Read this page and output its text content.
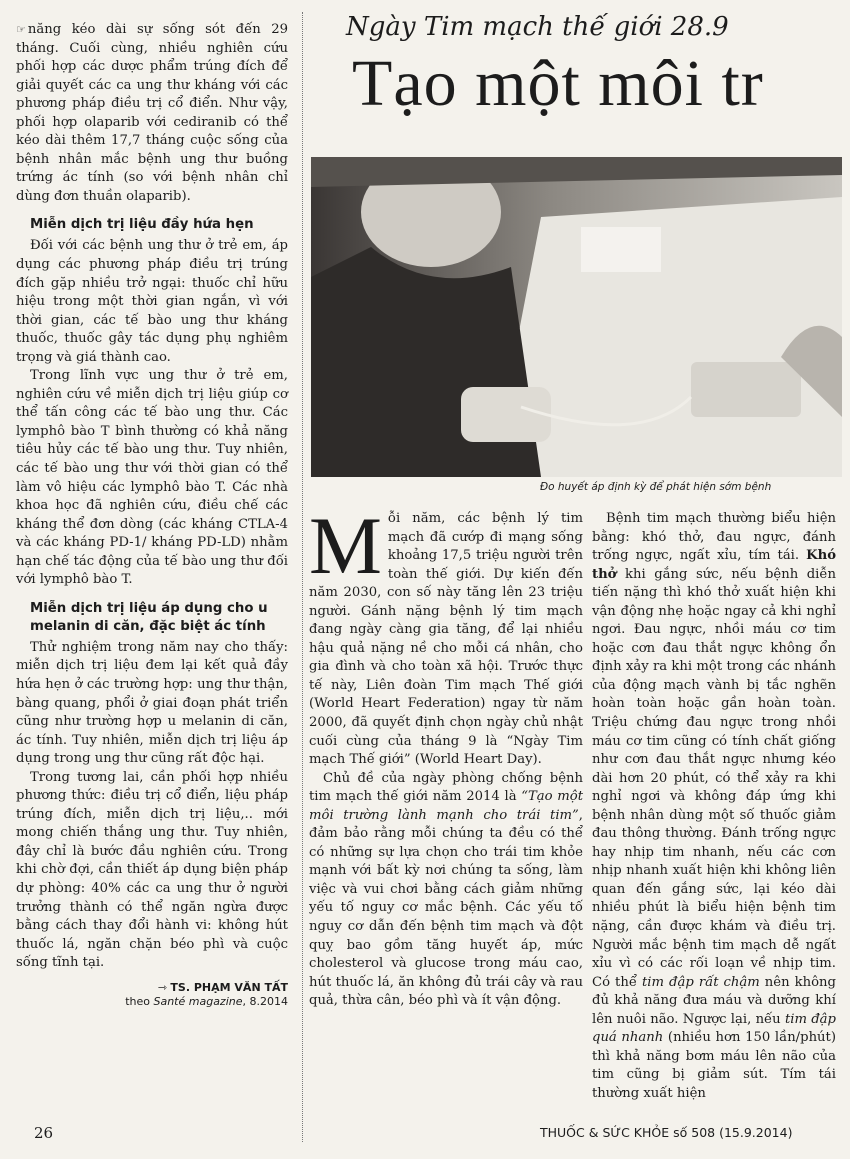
☞ năng kéo dài sự sống sót đến 29 tháng. Cuối cùng, nhiều nghiên cứu phối hợp các dược phẩm trúng đích để giải quyết các ca ung thư kháng với các phương pháp điều trị cổ điển. Như vậy, phối hợp olaparib với cediranib có thể kéo dài thêm 17,7 tháng cuộc sống của bệnh nhân mắc bệnh ung thư buồng trứng ác tính (so với bệnh nhân chỉ dùng đơn thuần olaparib).

Miễn dịch trị liệu đầy hứa hẹn

Đối với các bệnh ung thư ở trẻ em, áp dụng các phương pháp điều trị trúng đích gặp nhiều trở ngại: thuốc chỉ hữu hiệu trong một thời gian ngắn, vì với thời gian, các tế bào ung thư kháng thuốc, thuốc gây tác dụng phụ nghiêm trọng và giá thành cao.

Trong lĩnh vực ung thư ở trẻ em, nghiên cứu về miễn dịch trị liệu giúp cơ thể tấn công các tế bào ung thư. Các lymphô bào T bình thường có khả năng tiêu hủy các tế bào ung thư. Tuy nhiên, các tế bào ung thư với thời gian có thể làm vô hiệu các lymphô bào T. Các nhà khoa học đã nghiên cứu, điều chế các kháng thể đơn dòng (các kháng CTLA-4 và các kháng PD-1/ kháng PD-LD) nhằm hạn chế tác động của tế bào ung thư đối với lymphô bào T.

Miễn dịch trị liệu áp dụng cho u melanin di căn, đặc biệt ác tính

Thử nghiệm trong năm nay cho thấy: miễn dịch trị liệu đem lại kết quả đầy hứa hẹn ở các trường hợp: ung thư thận, bàng quang, phổi ở giai đoạn phát triển cũng như trường hợp u melanin di căn, ác tính. Tuy nhiên, miễn dịch trị liệu áp dụng trong ung thư cũng rất độc hại.

Trong tương lai, cần phối hợp nhiều phương thức: điều trị cổ điển, liệu pháp trúng đích, miễn dịch trị liệu,.. mới mong chiến thắng ung thư. Tuy nhiên, đây chỉ là bước đầu nghiên cứu. Trong khi chờ đợi, cần thiết áp dụng biện pháp dự phòng: 40% các ca ung thư ở người trưởng thành có thể ngăn ngừa được bằng cách thay đổi hành vi: không hút thuốc lá, ngăn chặn béo phì và cuộc sống tĩnh tại.

⇾ TS. PHẠM VĂN TẤT
theo Santé magazine, 8.2014
Ngày Tim mạch thế giới 28.9
Tạo một môi tr
Đo huyết áp định kỳ để phát hiện sớm bệnh

Mỗi năm, các bệnh lý tim mạch đã cướp đi mạng sống khoảng 17,5 triệu người trên toàn thế giới. Dự kiến đến năm 2030, con số này tăng lên 23 triệu người. Gánh nặng bệnh lý tim mạch đang ngày càng gia tăng, để lại nhiều hậu quả nặng nề cho mỗi cá nhân, cho gia đình và cho toàn xã hội. Trước thực tế này, Liên đoàn Tim mạch Thế giới (World Heart Federation) ngay từ năm 2000, đã quyết định chọn ngày chủ nhật cuối cùng của tháng 9 là “Ngày Tim mạch Thế giới” (World Heart Day).

Chủ đề của ngày phòng chống bệnh tim mạch thế giới năm 2014 là “Tạo một môi trường lành mạnh cho trái tim”, đảm bảo rằng mỗi chúng ta đều có thể có những sự lựa chọn cho trái tim khỏe mạnh với bất kỳ nơi chúng ta sống, làm việc và vui chơi bằng cách giảm những yếu tố nguy cơ mắc bệnh. Các yếu tố nguy cơ dẫn đến bệnh tim mạch và đột quỵ bao gồm tăng huyết áp, mức cholesterol và glucose trong máu cao, hút thuốc lá, ăn không đủ trái cây và rau quả, thừa cân, béo phì và ít vận động.

Bệnh tim mạch thường biểu hiện bằng: khó thở, đau ngực, đánh trống ngực, ngất xỉu, tím tái. Khó thở khi gắng sức, nếu bệnh diễn tiến nặng thì khó thở xuất hiện khi vận động nhẹ hoặc ngay cả khi nghỉ ngơi. Đau ngực, nhồi máu cơ tim hoặc cơn đau thắt ngực không ổn định xảy ra khi một trong các nhánh của động mạch vành bị tắc nghẽn hoàn toàn hoặc gần hoàn toàn. Triệu chứng đau ngực trong nhồi máu cơ tim cũng có tính chất giống như cơn đau thắt ngực nhưng kéo dài hơn 20 phút, có thể xảy ra khi nghỉ ngơi và không đáp ứng khi bệnh nhân dùng một số thuốc giảm đau thông thường. Đánh trống ngực hay nhịp tim nhanh, nếu các cơn nhịp nhanh xuất hiện khi không liên quan đến gắng sức, lại kéo dài nhiều phút là biểu hiện bệnh tim nặng, cần được khám và điều trị. Người mắc bệnh tim mạch dễ ngất xỉu vì có các rối loạn về nhịp tim. Có thể tim đập rất chậm nên không đủ khả năng đưa máu và dưỡng khí lên nuôi não. Ngược lại, nếu tim đập quá nhanh (nhiều hơn 150 lần/phút) thì khả năng bơm máu lên não của tim cũng bị giảm sút. Tím tái thường xuất hiện

26	THUỐC & SỨC KHỎE số 508 (15.9.2014)
